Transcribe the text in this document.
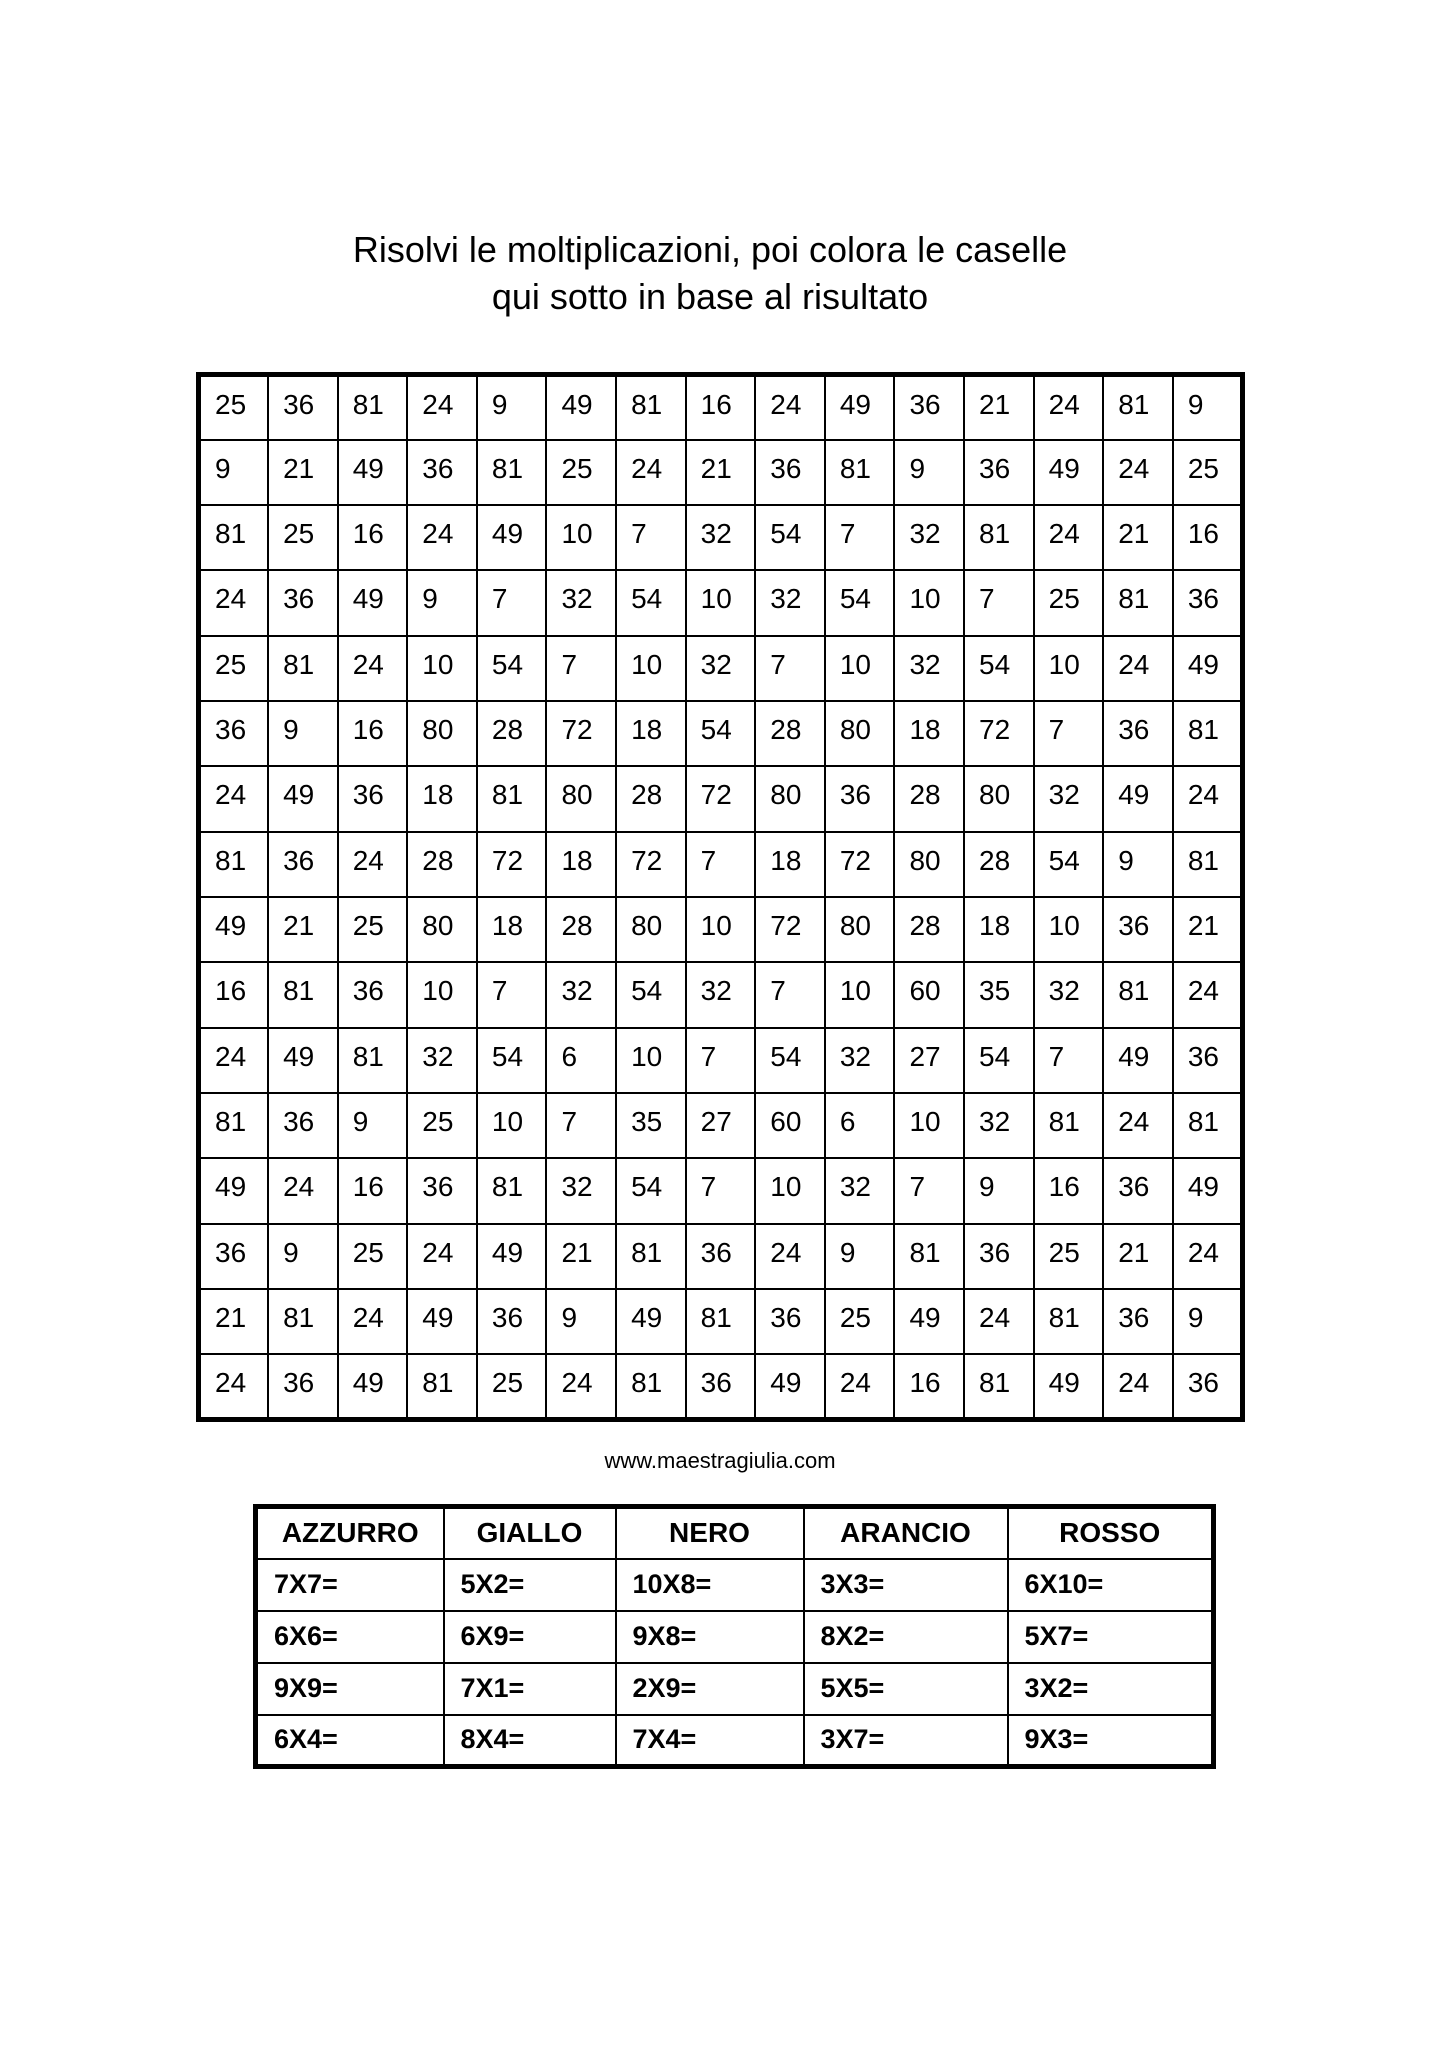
Risolvi le moltiplicazioni, poi colora le caselle
qui sotto in base al risultato
25	36	81	24	9	49	81	16	24	49	36	21	24	81	9
9	21	49	36	81	25	24	21	36	81	9	36	49	24	25
81	25	16	24	49	10	7	32	54	7	32	81	24	21	16
24	36	49	9	7	32	54	10	32	54	10	7	25	81	36
25	81	24	10	54	7	10	32	7	10	32	54	10	24	49
36	9	16	80	28	72	18	54	28	80	18	72	7	36	81
24	49	36	18	81	80	28	72	80	36	28	80	32	49	24
81	36	24	28	72	18	72	7	18	72	80	28	54	9	81
49	21	25	80	18	28	80	10	72	80	28	18	10	36	21
16	81	36	10	7	32	54	32	7	10	60	35	32	81	24
24	49	81	32	54	6	10	7	54	32	27	54	7	49	36
81	36	9	25	10	7	35	27	60	6	10	32	81	24	81
49	24	16	36	81	32	54	7	10	32	7	9	16	36	49
36	9	25	24	49	21	81	36	24	9	81	36	25	21	24
21	81	24	49	36	9	49	81	36	25	49	24	81	36	9
24	36	49	81	25	24	81	36	49	24	16	81	49	24	36
www.maestragiulia.com
AZZURRO	GIALLO	NERO	ARANCIO	ROSSO
7X7=	5X2=	10X8=	3X3=	6X10=
6X6=	6X9=	9X8=	8X2=	5X7=
9X9=	7X1=	2X9=	5X5=	3X2=
6X4=	8X4=	7X4=	3X7=	9X3=
